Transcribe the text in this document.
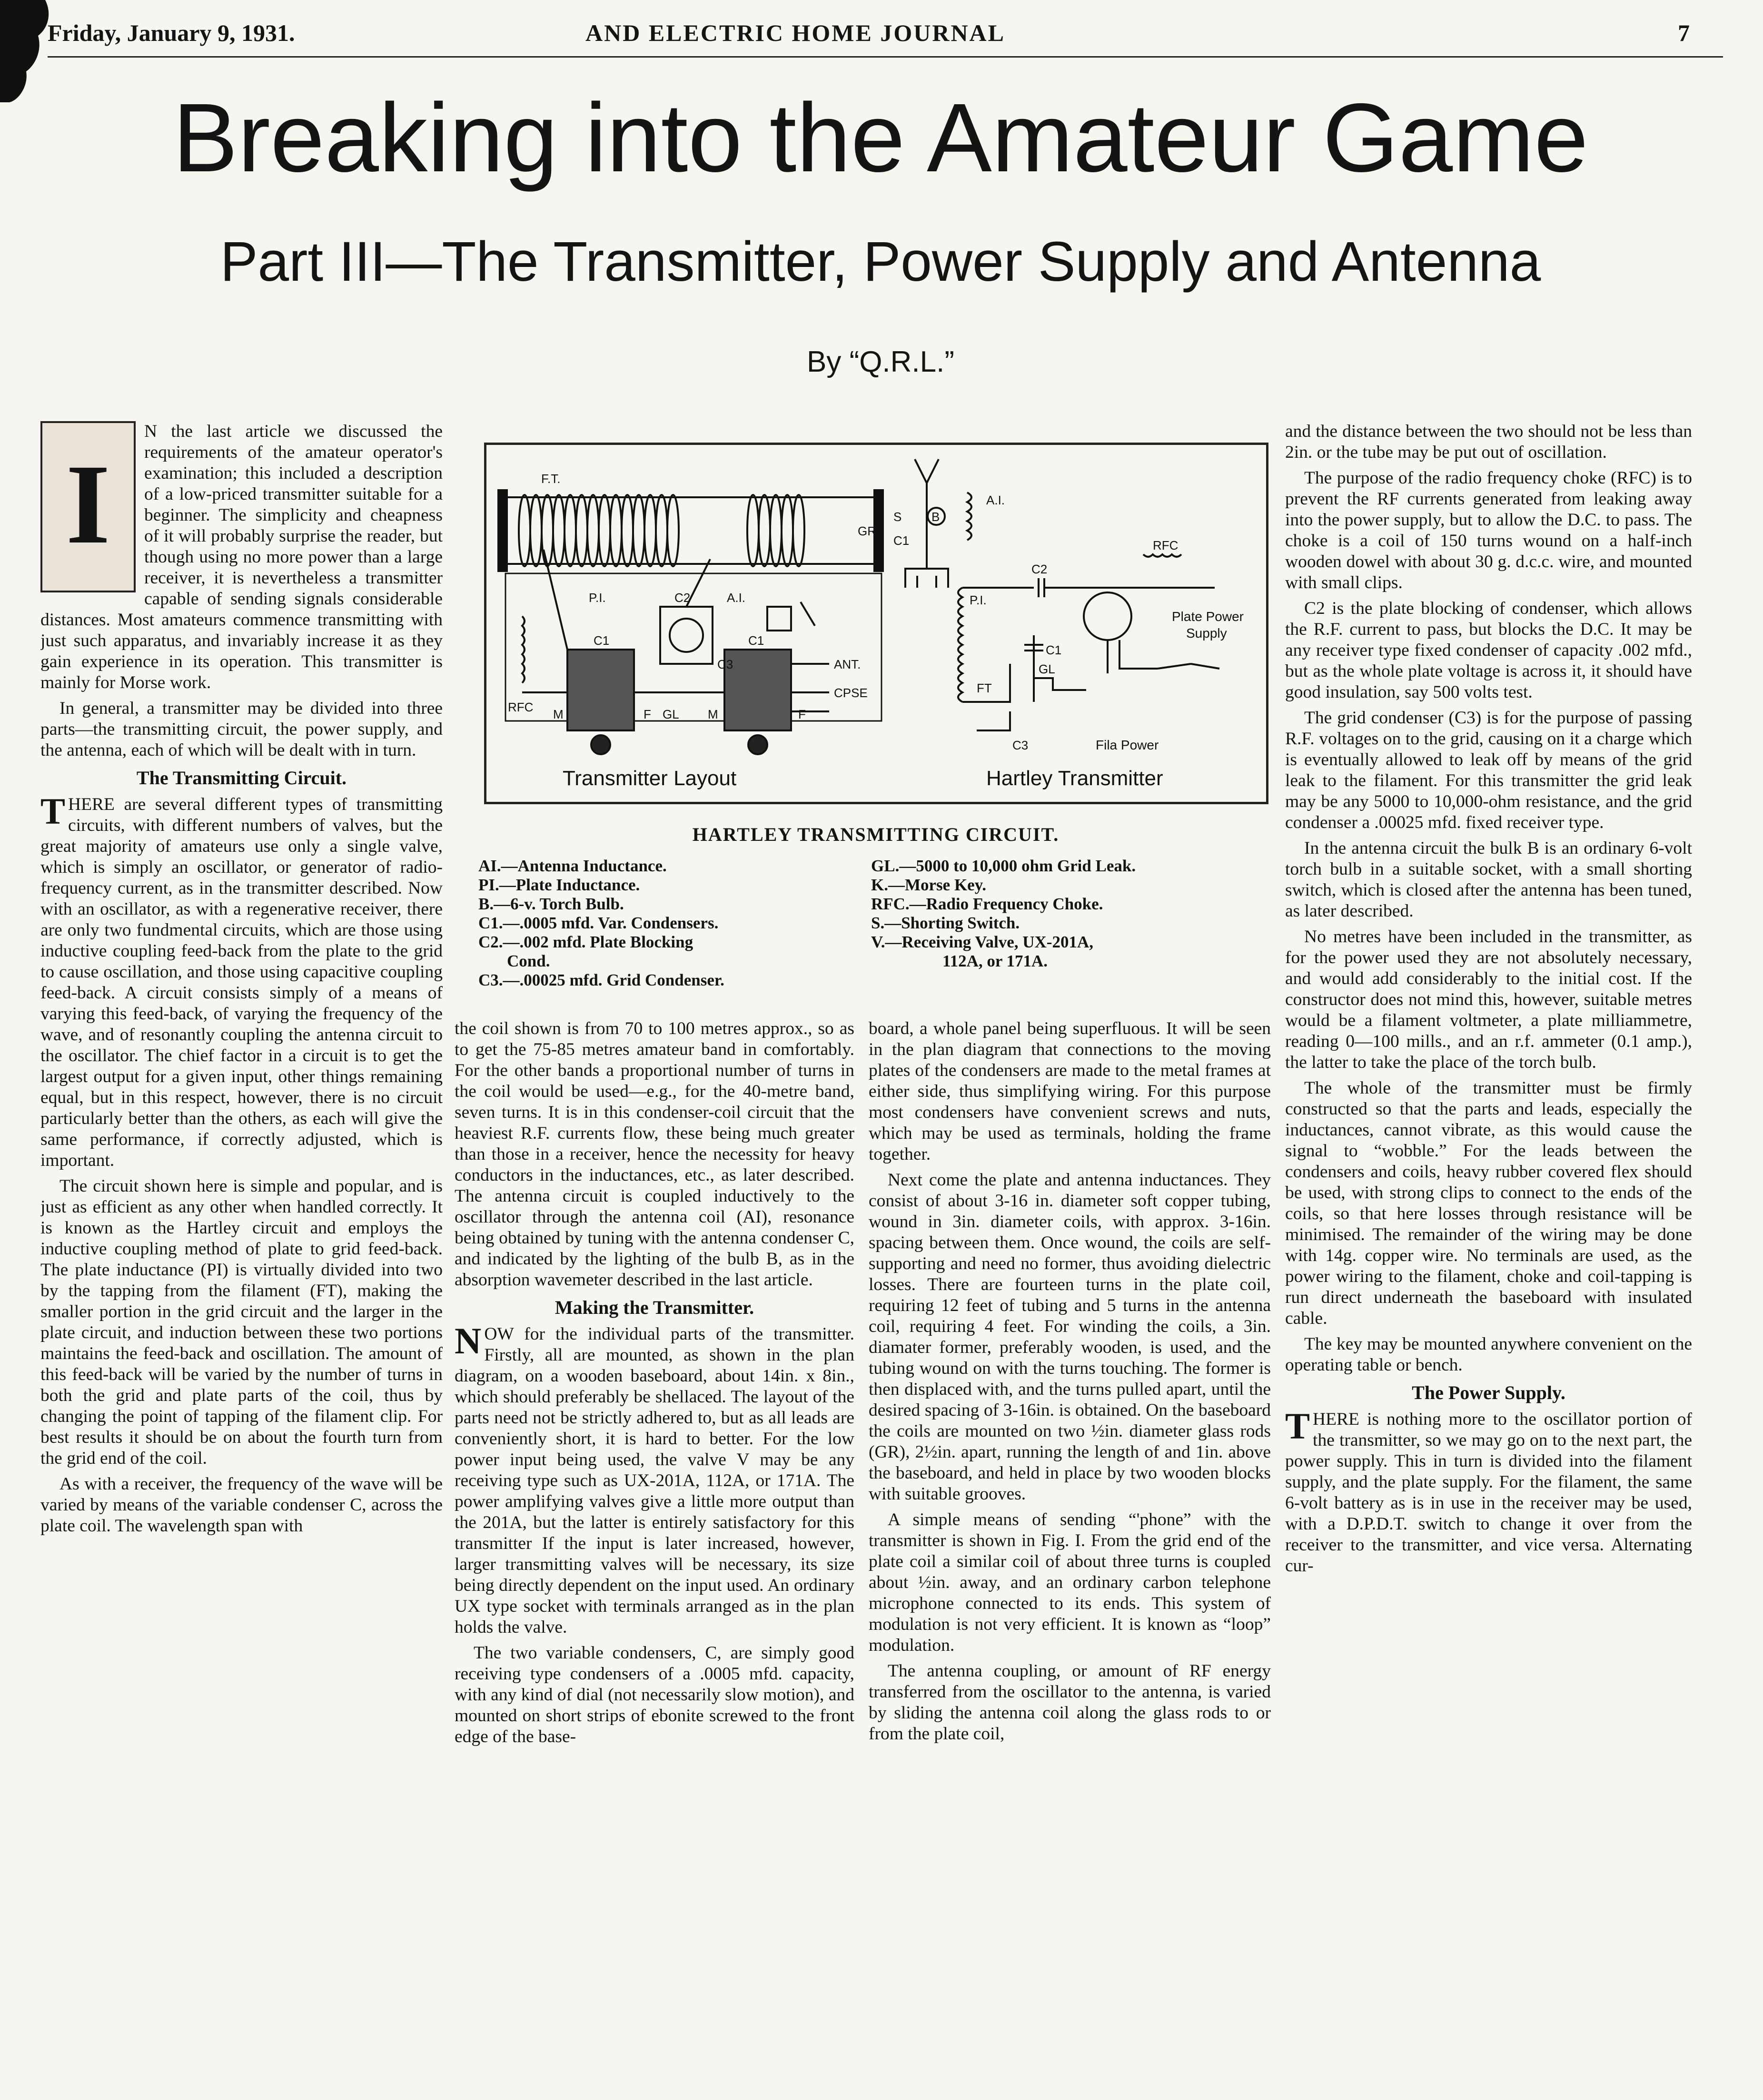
Friday, January 9, 1931.	AND ELECTRIC HOME JOURNAL	7
Breaking into the Amateur Game
Part III—The Transmitter, Power Supply and Antenna
By “Q.R.L.”
F.T.
P.I.	A.I.
GR
C2
C3
C1	C1
RFC M	F	M	F
GL
ANT.
CPSE
Transmitter Layout
S B
C1
A.I.
C2
RFC
P.I.
FT
GL
C3
C1
Plate Power
Supply
Fila Power
Hartley Transmitter
HARTLEY TRANSMITTING CIRCUIT.
AI.—Antenna Inductance.
PI.—Plate Inductance.
B.—6-v. Torch Bulb.
C1.—.0005 mfd. Var. Condensers.
C2.—.002 mfd. Plate Blocking
Cond.
C3.—.00025 mfd. Grid Condenser.
GL.—5000 to 10,000 ohm Grid Leak.
K.—Morse Key.
RFC.—Radio Frequency Choke.
S.—Shorting Switch.
V.—Receiving Valve, UX-201A,
112A, or 171A.
I

N the last article we discussed the requirements of the amateur operator's examination; this included a description of a low-priced transmitter suitable for a beginner. The simplicity and cheapness of it will probably surprise the reader, but though using no more power than a large receiver, it is nevertheless a transmitter capable of sending signals considerable distances. Most amateurs commence transmitting with just such apparatus, and invariably increase it as they gain experience in its operation. This transmitter is mainly for Morse work.

In general, a transmitter may be divided into three parts—the transmitting circuit, the power supply, and the antenna, each of which will be dealt with in turn.

The Transmitting Circuit.

THERE are several different types of transmitting circuits, with different numbers of valves, but the great majority of amateurs use only a single valve, which is simply an oscillator, or generator of radio-frequency current, as in the transmitter described. Now with an oscillator, as with a regenerative receiver, there are only two fundmental circuits, which are those using inductive coupling feed-back from the plate to the grid to cause oscillation, and those using capacitive coupling feed-back. A circuit consists simply of a means of varying this feed-back, of varying the frequency of the wave, and of resonantly coupling the antenna circuit to the oscillator. The chief factor in a circuit is to get the largest output for a given input, other things remaining equal, but in this respect, however, there is no circuit particularly better than the others, as each will give the same performance, if correctly adjusted, which is important.

The circuit shown here is simple and popular, and is just as efficient as any other when handled correctly. It is known as the Hartley circuit and employs the inductive coupling method of plate to grid feed-back. The plate inductance (PI) is virtually divided into two by the tapping from the filament (FT), making the smaller portion in the grid circuit and the larger in the plate circuit, and induction between these two portions maintains the feed-back and oscillation. The amount of this feed-back will be varied by the number of turns in both the grid and plate parts of the coil, thus by changing the point of tapping of the filament clip. For best results it should be on about the fourth turn from the grid end of the coil.

As with a receiver, the frequency of the wave will be varied by means of the variable condenser C, across the plate coil. The wavelength span with

the coil shown is from 70 to 100 metres approx., so as to get the 75-85 metres amateur band in comfortably. For the other bands a proportional number of turns in the coil would be used—e.g., for the 40-metre band, seven turns. It is in this condenser-coil circuit that the heaviest R.F. currents flow, these being much greater than those in a receiver, hence the necessity for heavy conductors in the inductances, etc., as later described. The antenna circuit is coupled inductively to the oscillator through the antenna coil (AI), resonance being obtained by tuning with the antenna condenser C, and indicated by the lighting of the bulb B, as in the absorption wavemeter described in the last article.

Making the Transmitter.

NOW for the individual parts of the transmitter. Firstly, all are mounted, as shown in the plan diagram, on a wooden baseboard, about 14in. x 8in., which should preferably be shellaced. The layout of the parts need not be strictly adhered to, but as all leads are conveniently short, it is hard to better. For the low power input being used, the valve V may be any receiving type such as UX-201A, 112A, or 171A. The power amplifying valves give a little more output than the 201A, but the latter is entirely satisfactory for this transmitter If the input is later increased, however, larger transmitting valves will be necessary, its size being directly dependent on the input used. An ordinary UX type socket with terminals arranged as in the plan holds the valve.

The two variable condensers, C, are simply good receiving type condensers of a .0005 mfd. capacity, with any kind of dial (not necessarily slow motion), and mounted on short strips of ebonite screwed to the front edge of the base-

board, a whole panel being superfluous. It will be seen in the plan diagram that connections to the moving plates of the condensers are made to the metal frames at either side, thus simplifying wiring. For this purpose most condensers have convenient screws and nuts, which may be used as terminals, holding the frame together.

Next come the plate and antenna inductances. They consist of about 3-16 in. diameter soft copper tubing, wound in 3in. diameter coils, with approx. 3-16in. spacing between them. Once wound, the coils are self-supporting and need no former, thus avoiding dielectric losses. There are fourteen turns in the plate coil, requiring 12 feet of tubing and 5 turns in the antenna coil, requiring 4 feet. For winding the coils, a 3in. diamater former, preferably wooden, is used, and the tubing wound on with the turns touching. The former is then displaced with, and the turns pulled apart, until the desired spacing of 3-16in. is obtained. On the baseboard the coils are mounted on two ½in. diameter glass rods (GR), 2½in. apart, running the length of and 1in. above the baseboard, and held in place by two wooden blocks with suitable grooves.

A simple means of sending “'phone” with the transmitter is shown in Fig. I. From the grid end of the plate coil a similar coil of about three turns is coupled about ½in. away, and an ordinary carbon telephone microphone connected to its ends. This system of modulation is not very efficient. It is known as “loop” modulation.

The antenna coupling, or amount of RF energy transferred from the oscillator to the antenna, is varied by sliding the antenna coil along the glass rods to or from the plate coil,

and the distance between the two should not be less than 2in. or the tube may be put out of oscillation.

The purpose of the radio frequency choke (RFC) is to prevent the RF currents generated from leaking away into the power supply, but to allow the D.C. to pass. The choke is a coil of 150 turns wound on a half-inch wooden dowel with about 30 g. d.c.c. wire, and mounted with small clips.

C2 is the plate blocking of condenser, which allows the R.F. current to pass, but blocks the D.C. It may be any receiver type fixed condenser of capacity .002 mfd., but as the whole plate voltage is across it, it should have good insulation, say 500 volts test.

The grid condenser (C3) is for the purpose of passing R.F. voltages on to the grid, causing on it a charge which is eventually allowed to leak off by means of the grid leak to the filament. For this transmitter the grid leak may be any 5000 to 10,000-ohm resistance, and the grid condenser a .00025 mfd. fixed receiver type.

In the antenna circuit the bulk B is an ordinary 6-volt torch bulb in a suitable socket, with a small shorting switch, which is closed after the antenna has been tuned, as later described.

No metres have been included in the transmitter, as for the power used they are not absolutely necessary, and would add considerably to the initial cost. If the constructor does not mind this, however, suitable metres would be a filament voltmeter, a plate milliammetre, reading 0—100 mills., and an r.f. ammeter (0.1 amp.), the latter to take the place of the torch bulb.

The whole of the transmitter must be firmly constructed so that the parts and leads, especially the inductances, cannot vibrate, as this would cause the signal to “wobble.” For the leads between the condensers and coils, heavy rubber covered flex should be used, with strong clips to connect to the ends of the coils, so that here losses through resistance will be minimised. The remainder of the wiring may be done with 14g. copper wire. No terminals are used, as the power wiring to the filament, choke and coil-tapping is run direct underneath the baseboard with insulated cable.

The key may be mounted anywhere convenient on the operating table or bench.

The Power Supply.

THERE is nothing more to the oscillator portion of the transmitter, so we may go on to the next part, the power supply. This in turn is divided into the filament supply, and the plate supply. For the filament, the same 6-volt battery as is in use in the receiver may be used, with a D.P.D.T. switch to change it over from the receiver to the transmitter, and vice versa. Alternating cur-
